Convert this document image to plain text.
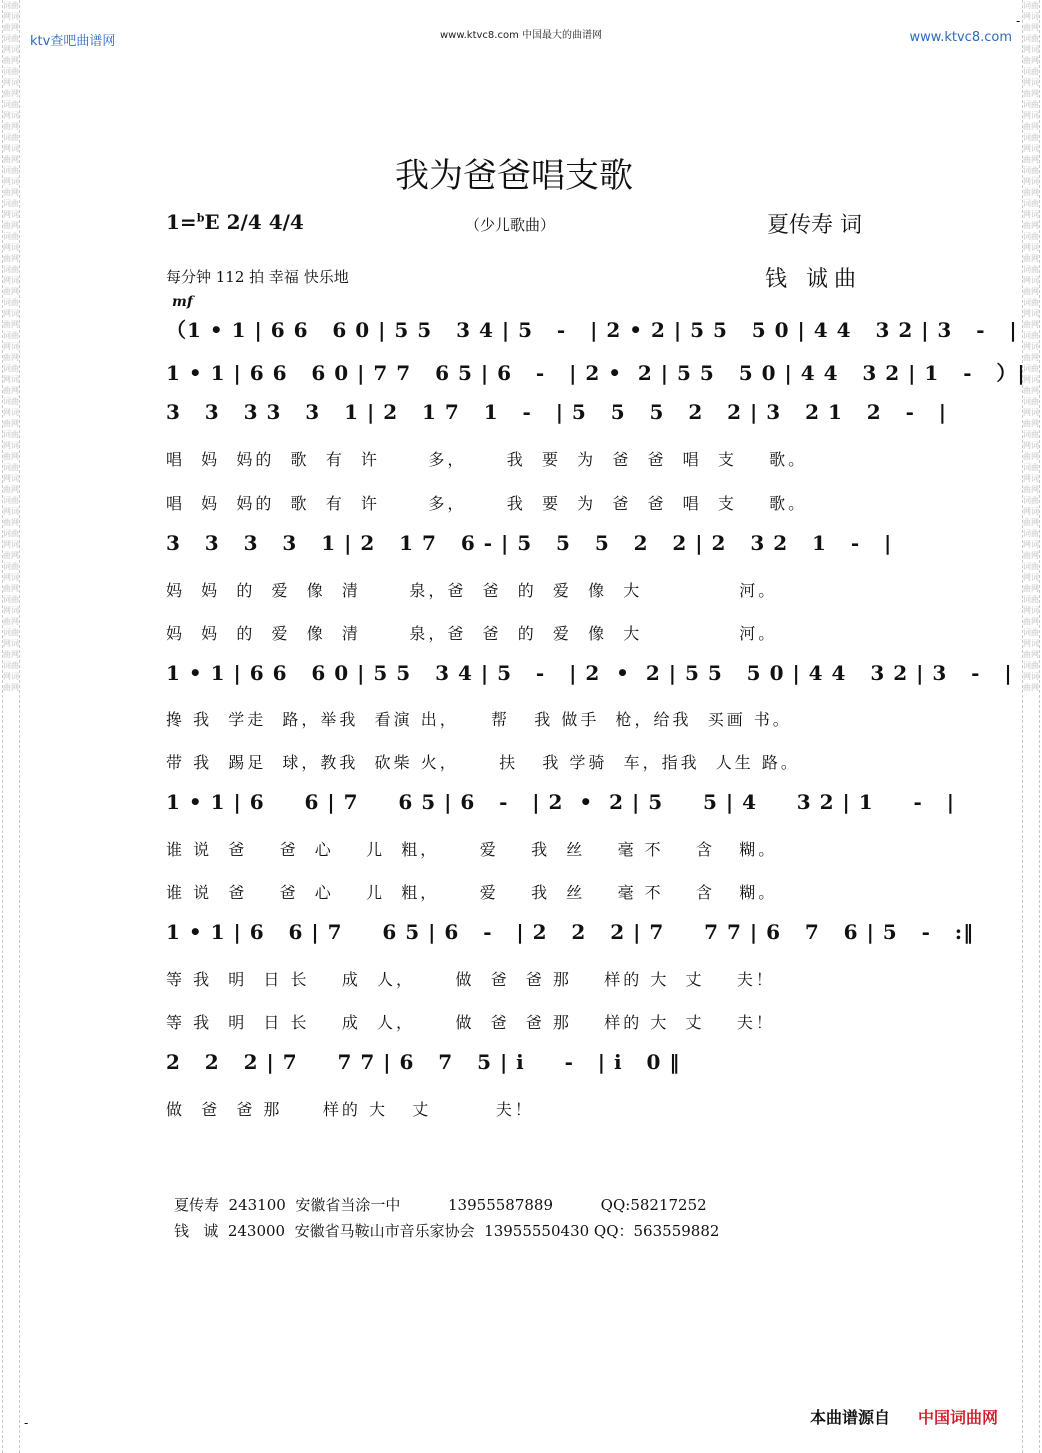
词曲网词曲网词曲网词曲网词曲网词曲网词曲网词曲网词曲网词曲网词曲网词曲网词曲网词曲网词曲网词曲网词曲网词曲网词曲网词曲网词曲网词曲网词曲网词曲网词曲网词曲网词曲网词曲网词曲网词曲网词曲网词曲网词曲网词曲网词曲网词曲网词曲网词曲网词曲网词曲网词曲网词曲网
词曲网词曲网词曲网词曲网词曲网词曲网词曲网词曲网词曲网词曲网词曲网词曲网词曲网词曲网词曲网词曲网词曲网词曲网词曲网词曲网词曲网词曲网词曲网词曲网词曲网词曲网词曲网词曲网词曲网词曲网词曲网词曲网词曲网词曲网词曲网词曲网词曲网词曲网词曲网词曲网词曲网词曲网
ktv查吧曲谱网	www.ktvc8.com 中国最大的曲谱网	www.ktvc8.com
-
我为爸爸唱支歌
1=$^b$E 2/4 4/4	（少儿歌曲）	夏传寿 词
每分钟 112 拍 幸福 快乐地	钱 诚曲
mf
（1 • 1 | 6 6   6 0 | 5 5   3 4 | 5   -   | 2 • 2 | 5 5   5 0 | 4 4   3 2 | 3   -   |
1 • 1 | 6 6   6 0 | 7 7   6 5 | 6   -   | 2 •  2 | 5 5   5 0 | 4 4   3 2 | 1   -   ）|
3   3   3 3   3   1 | 2   1 7   1   -   | 5   5   5   2   2 | 3   2 1   2   -   |
唱  妈  妈的  歌  有  许      多，     我  要  为  爸  爸  唱  支    歌。
唱  妈  妈的  歌  有  许      多，     我  要  为  爸  爸  唱  支    歌。
3   3   3   3   1 | 2   1 7   6 - | 5   5   5   2   2 | 2   3 2   1   -   |
妈  妈  的  爱  像  清      泉，爸  爸  的  爱  像  大            河。
妈  妈  的  爱  像  清      泉，爸  爸  的  爱  像  大            河。
1 • 1 | 6 6   6 0 | 5 5   3 4 | 5   -   | 2  •  2 | 5 5   5 0 | 4 4   3 2 | 3   -   |
搀 我  学走  路，举我  看演 出，    帮   我 做手  枪，给我  买画 书。
带 我  踢足  球，教我  砍柴 火，     扶   我 学骑  车，指我  人生 路。
1 • 1 | 6     6 | 7     6 5 | 6   -   | 2  •  2 | 5     5 | 4     3 2 | 1     -   |
谁 说  爸    爸  心    儿  粗，     爱    我  丝    毫 不    含   糊。
谁 说  爸    爸  心    儿  粗，     爱    我  丝    毫 不    含   糊。
1 • 1 | 6   6 | 7     6 5 | 6   -   | 2   2   2 | 7     7 7 | 6   7   6 | 5   -   :‖
等 我  明  日 长    成  人，     做  爸  爸 那    样的 大  丈    夫！
等 我  明  日 长    成  人，     做  爸  爸 那    样的 大  丈    夫！
2   2   2 | 7     7 7 | 6   7   5 | i     -   | i   0 ‖
做  爸  爸 那     样的 大   丈        夫！
夏传寿  243100  安徽省当涂一中          13955587889          QQ:58217252
钱   诚  243000  安徽省马鞍山市音乐家协会  13955550430 QQ：563559882
本曲谱源自 中国词曲网
-
